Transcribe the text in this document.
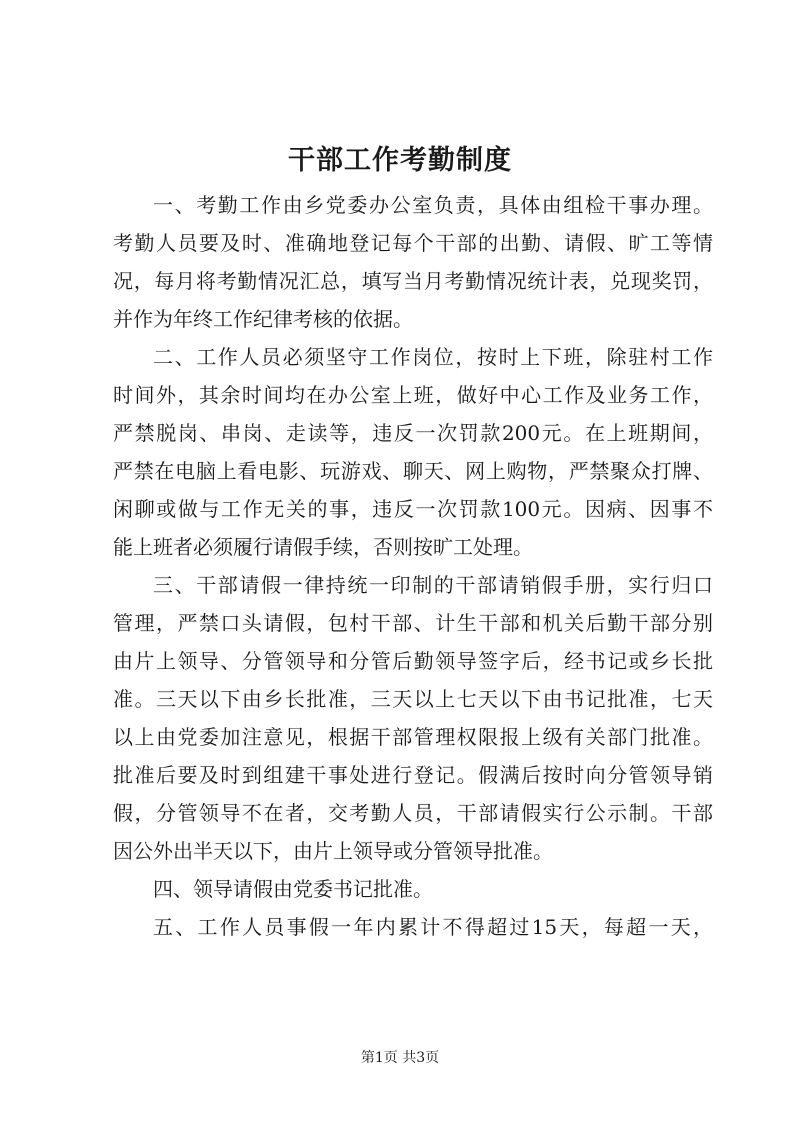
干部工作考勤制度
一、考勤工作由乡党委办公室负责，具体由组检干事办理。
考勤人员要及时、准确地登记每个干部的出勤、请假、旷工等情
况，每月将考勤情况汇总，填写当月考勤情况统计表，兑现奖罚，
并作为年终工作纪律考核的依据。
二、工作人员必须坚守工作岗位，按时上下班，除驻村工作
时间外，其余时间均在办公室上班，做好中心工作及业务工作，
严禁脱岗、串岗、走读等，违反一次罚款200元。在上班期间，
严禁在电脑上看电影、玩游戏、聊天、网上购物，严禁聚众打牌、
闲聊或做与工作无关的事，违反一次罚款100元。因病、因事不
能上班者必须履行请假手续，否则按旷工处理。
三、干部请假一律持统一印制的干部请销假手册，实行归口
管理，严禁口头请假，包村干部、计生干部和机关后勤干部分别
由片上领导、分管领导和分管后勤领导签字后，经书记或乡长批
准。三天以下由乡长批准，三天以上七天以下由书记批准，七天
以上由党委加注意见，根据干部管理权限报上级有关部门批准。
批准后要及时到组建干事处进行登记。假满后按时向分管领导销
假，分管领导不在者，交考勤人员，干部请假实行公示制。干部
因公外出半天以下，由片上领导或分管领导批准。
四、领导请假由党委书记批准。
五、工作人员事假一年内累计不得超过15天，每超一天，
第1页 共3页
